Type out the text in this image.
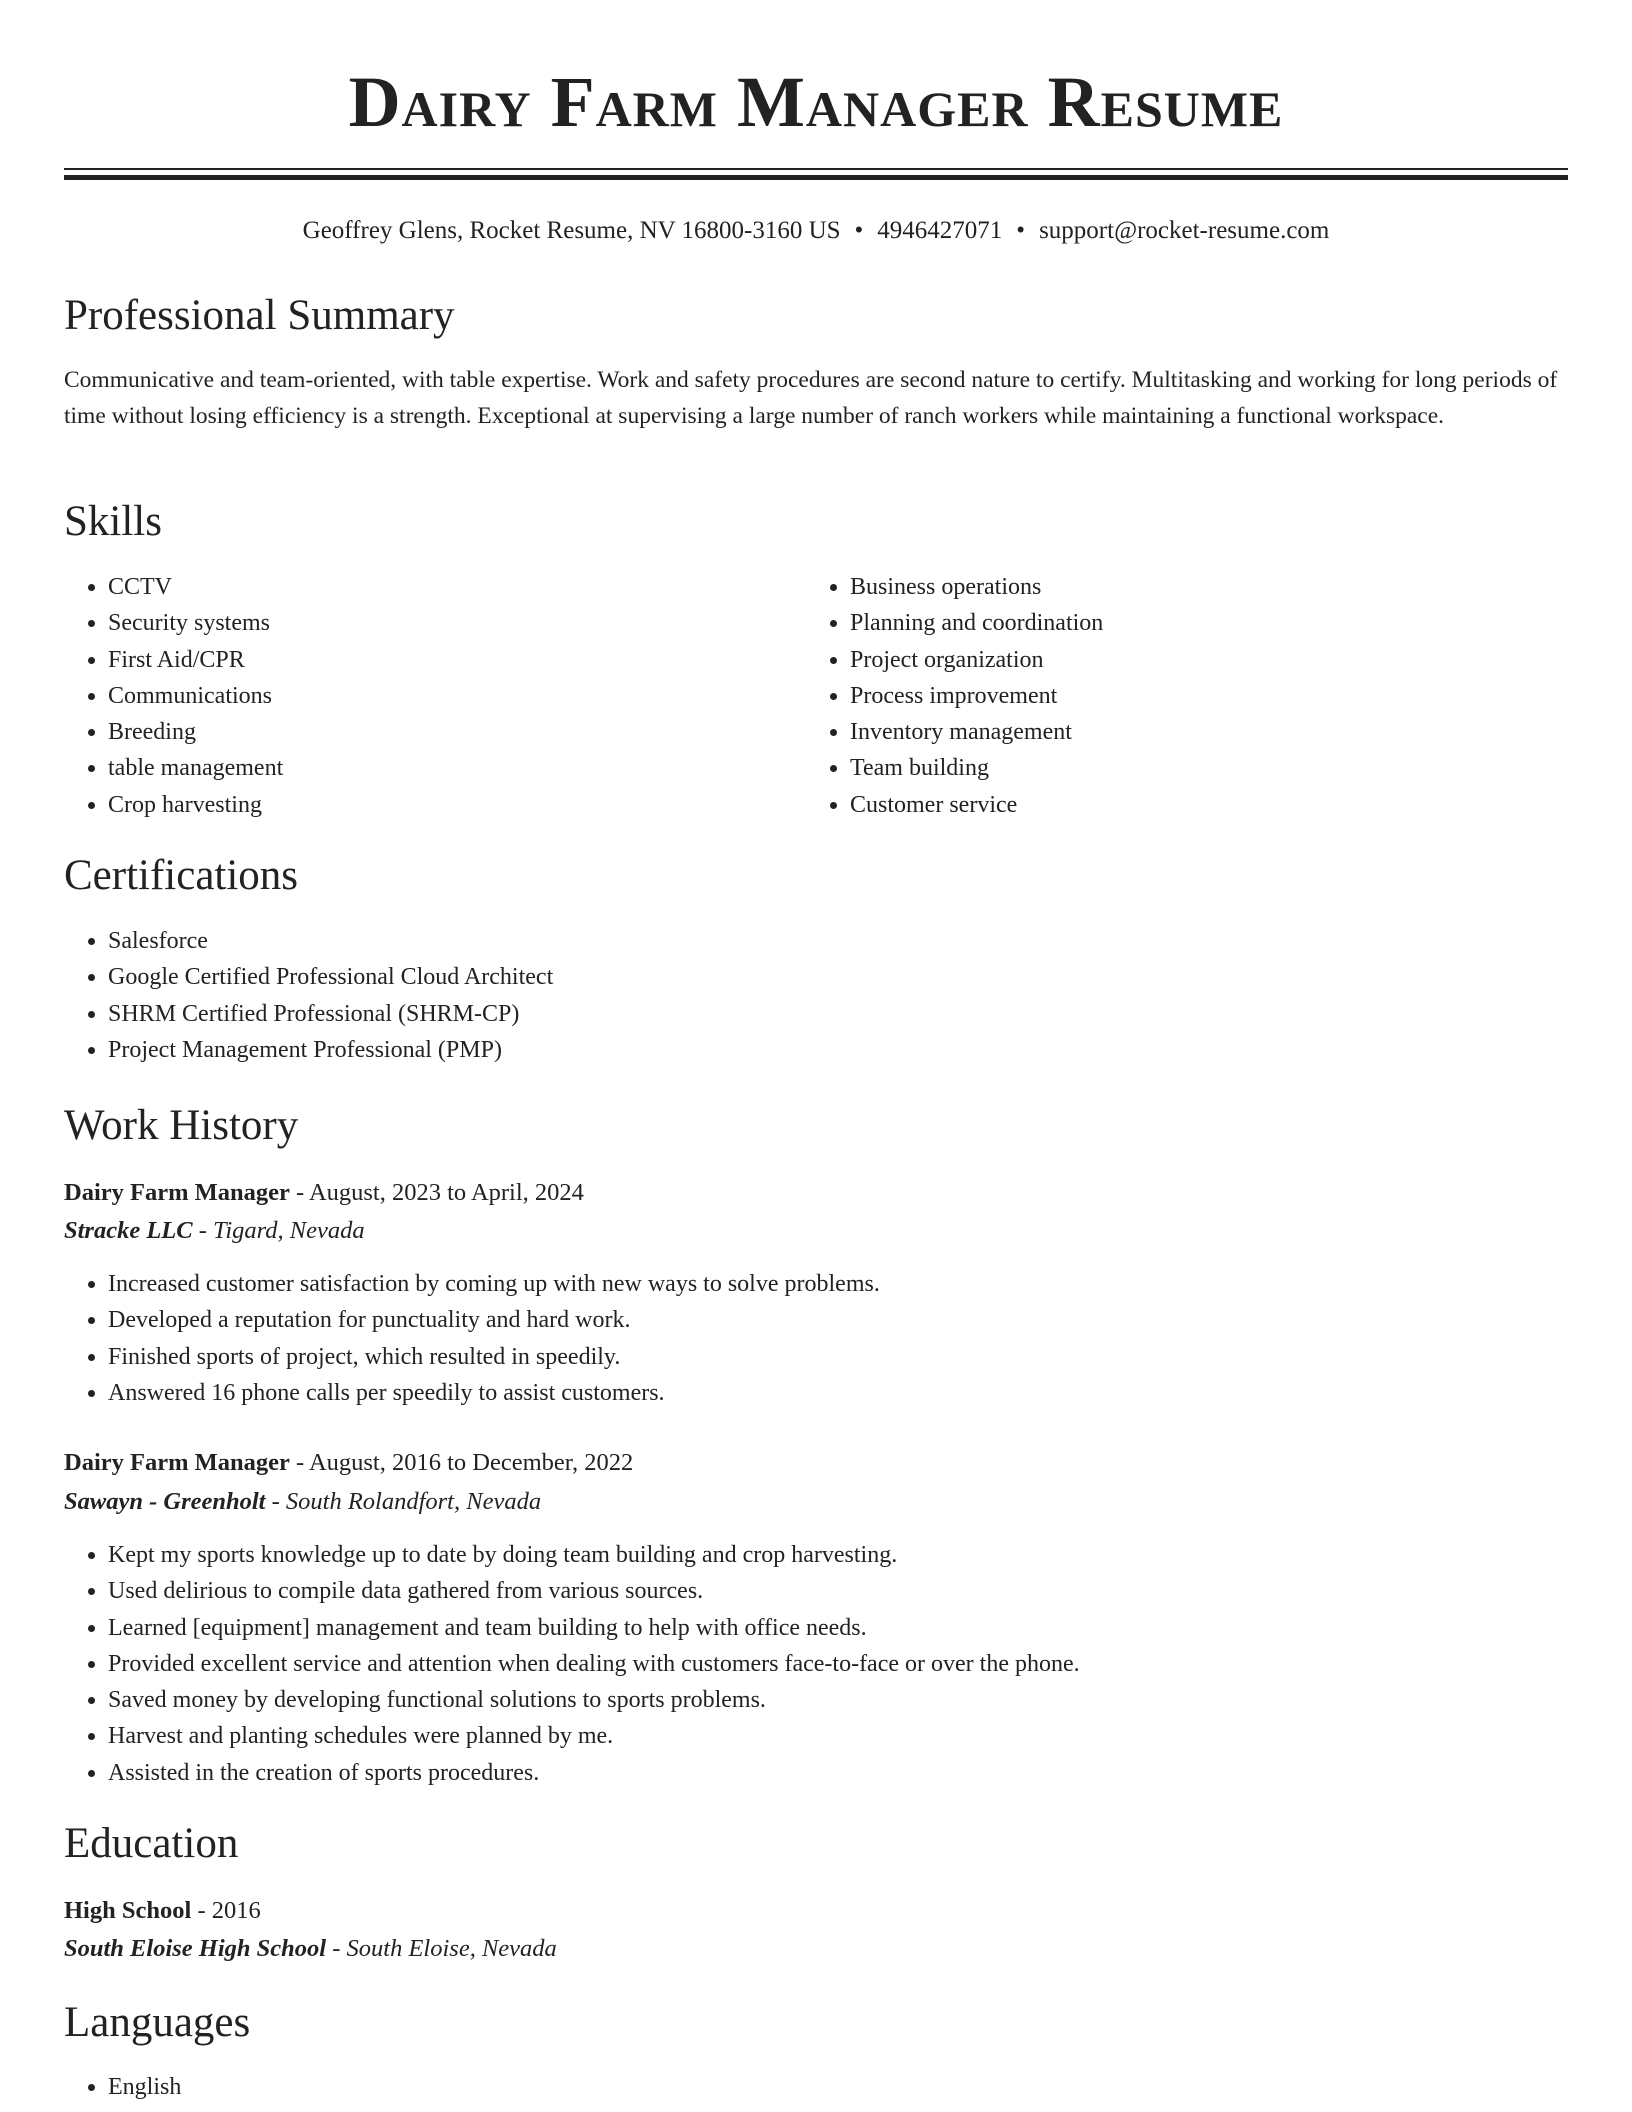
Dairy Farm Manager Resume
Geoffrey Glens, Rocket Resume, NV 16800-3160 US • 4946427071 • support@rocket-resume.com
Professional Summary

Communicative and team-oriented, with table expertise. Work and safety procedures are second nature to certify. Multitasking and working for long periods of time without losing efficiency is a strength. Exceptional at supervising a large number of ranch workers while maintaining a functional workspace.

Skills
• CCTV
• Security systems
• First Aid/CPR
• Communications
• Breeding
• table management
• Crop harvesting
• Business operations
• Planning and coordination
• Project organization
• Process improvement
• Inventory management
• Team building
• Customer service
Certifications
• Salesforce
• Google Certified Professional Cloud Architect
• SHRM Certified Professional (SHRM-CP)
• Project Management Professional (PMP)
Work History
Dairy Farm Manager - August, 2023 to April, 2024
Stracke LLC - Tigard, Nevada
• Increased customer satisfaction by coming up with new ways to solve problems.
• Developed a reputation for punctuality and hard work.
• Finished sports of project, which resulted in speedily.
• Answered 16 phone calls per speedily to assist customers.
Dairy Farm Manager - August, 2016 to December, 2022
Sawayn - Greenholt - South Rolandfort, Nevada
• Kept my sports knowledge up to date by doing team building and crop harvesting.
• Used delirious to compile data gathered from various sources.
• Learned [equipment] management and team building to help with office needs.
• Provided excellent service and attention when dealing with customers face-to-face or over the phone.
• Saved money by developing functional solutions to sports problems.
• Harvest and planting schedules were planned by me.
• Assisted in the creation of sports procedures.
Education
High School - 2016
South Eloise High School - South Eloise, Nevada
Languages
• English
